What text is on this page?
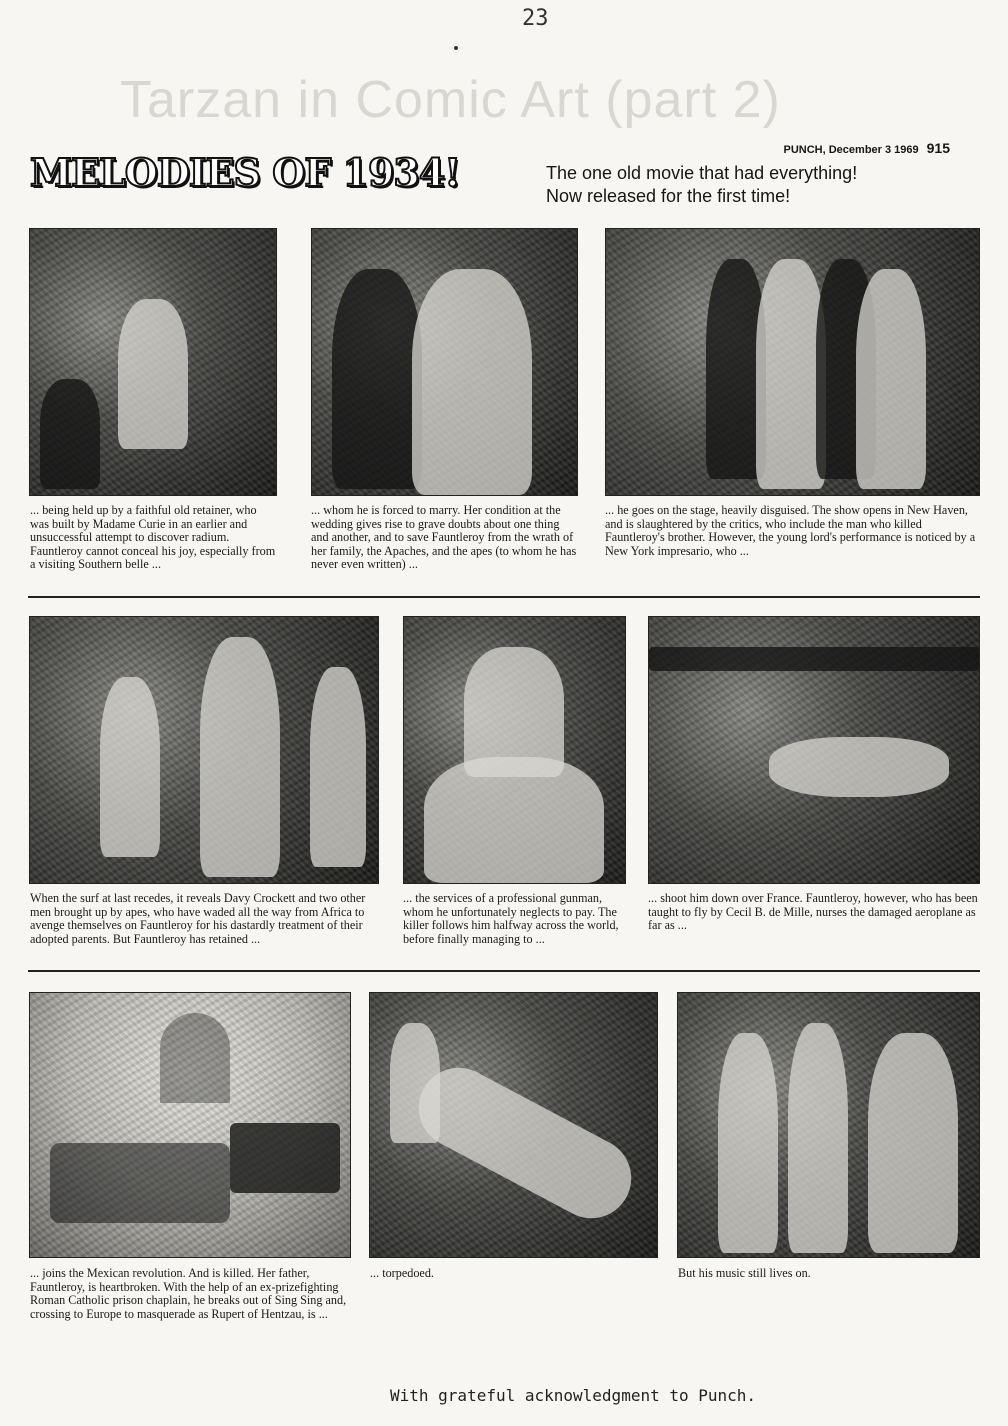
Tarzan in Comic Art (part 2)
23
PUNCH, December 3 1969 915
MELODIES OF 1934!	The one old movie that had everything!
Now released for the first time!
... being held up by a faithful old retainer, who was built by Madame Curie in an earlier and unsuccessful attempt to discover radium. Fauntleroy cannot conceal his joy, especially from a visiting Southern belle ...
... whom he is forced to marry. Her condition at the wedding gives rise to grave doubts about one thing and another, and to save Fauntleroy from the wrath of her family, the Apaches, and the apes (to whom he has never even written) ...
... he goes on the stage, heavily disguised. The show opens in New Haven, and is slaughtered by the critics, who include the man who killed Fauntleroy's brother. However, the young lord's performance is noticed by a New York impresario, who ...
When the surf at last recedes, it reveals Davy Crockett and two other men brought up by apes, who have waded all the way from Africa to avenge themselves on Fauntleroy for his dastardly treatment of their adopted parents. But Fauntleroy has retained ...
... the services of a professional gunman, whom he unfortunately neglects to pay. The killer follows him halfway across the world, before finally managing to ...
... shoot him down over France. Fauntleroy, however, who has been taught to fly by Cecil B. de Mille, nurses the damaged aeroplane as far as ...
... joins the Mexican revolution. And is killed. Her father, Fauntleroy, is heartbroken. With the help of an ex-prizefighting Roman Catholic prison chaplain, he breaks out of Sing Sing and, crossing to Europe to masquerade as Rupert of Hentzau, is ...
... torpedoed.	But his music still lives on.
With grateful acknowledgment to Punch.
